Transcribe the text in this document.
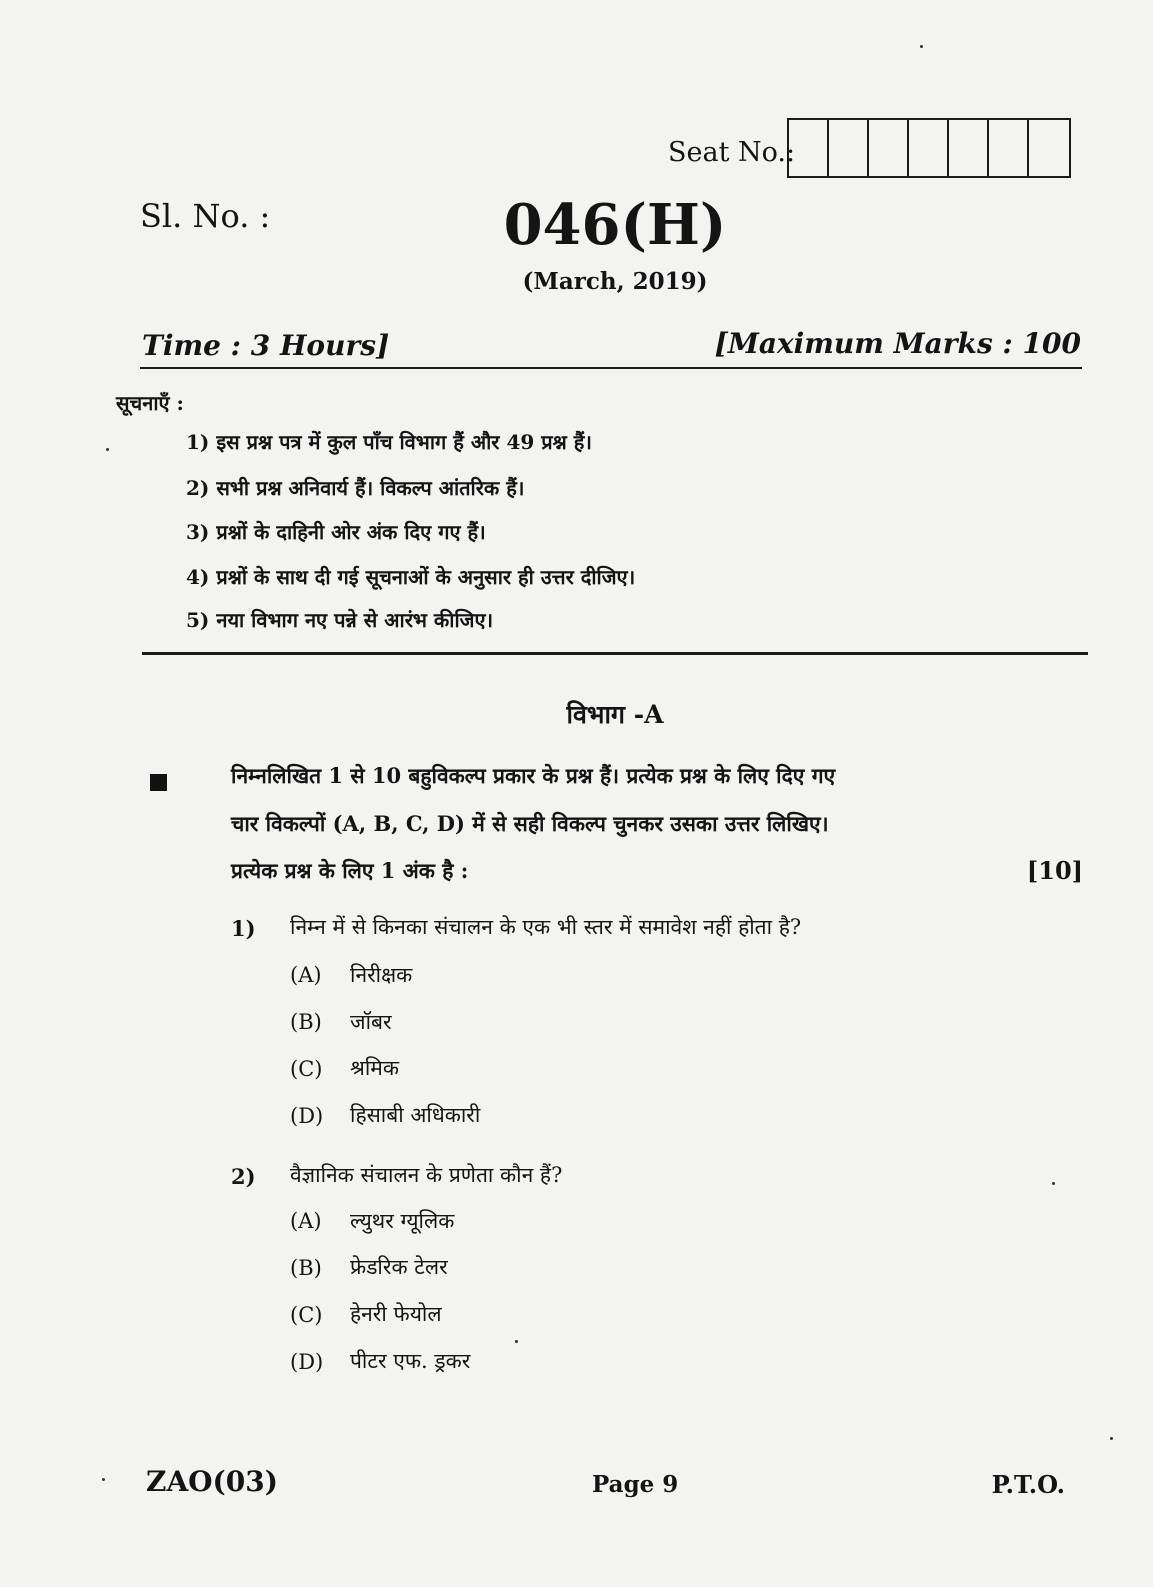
Seat No.:
Sl. No. :	046(H)
(March, 2019)
Time : 3 Hours]	[Maximum Marks : 100
सूचनाएँ :
1) इस प्रश्न पत्र में कुल पाँच विभाग हैं और 49 प्रश्न हैं।
2) सभी प्रश्न अनिवार्य हैं। विकल्प आंतरिक हैं।
3) प्रश्नों के दाहिनी ओर अंक दिए गए हैं।
4) प्रश्नों के साथ दी गई सूचनाओं के अनुसार ही उत्तर दीजिए।
5) नया विभाग नए पन्ने से आरंभ कीजिए।
विभाग -A
निम्नलिखित 1 से 10 बहुविकल्प प्रकार के प्रश्न हैं। प्रत्येक प्रश्न के लिए दिए गए
चार विकल्पों (A, B, C, D) में से सही विकल्प चुनकर उसका उत्तर लिखिए।
प्रत्येक प्रश्न के लिए 1 अंक है :	[10]
1) निम्न में से किनका संचालन के एक भी स्तर में समावेश नहीं होता है?
(A) निरीक्षक
(B) जॉबर
(C) श्रमिक
(D) हिसाबी अधिकारी
2) वैज्ञानिक संचालन के प्रणेता कौन हैं?
(A) ल्युथर ग्यूलिक
(B) फ्रेडरिक टेलर
(C) हेनरी फेयोल
(D) पीटर एफ. ड्रकर
ZAO(03)	Page 9	P.T.O.
